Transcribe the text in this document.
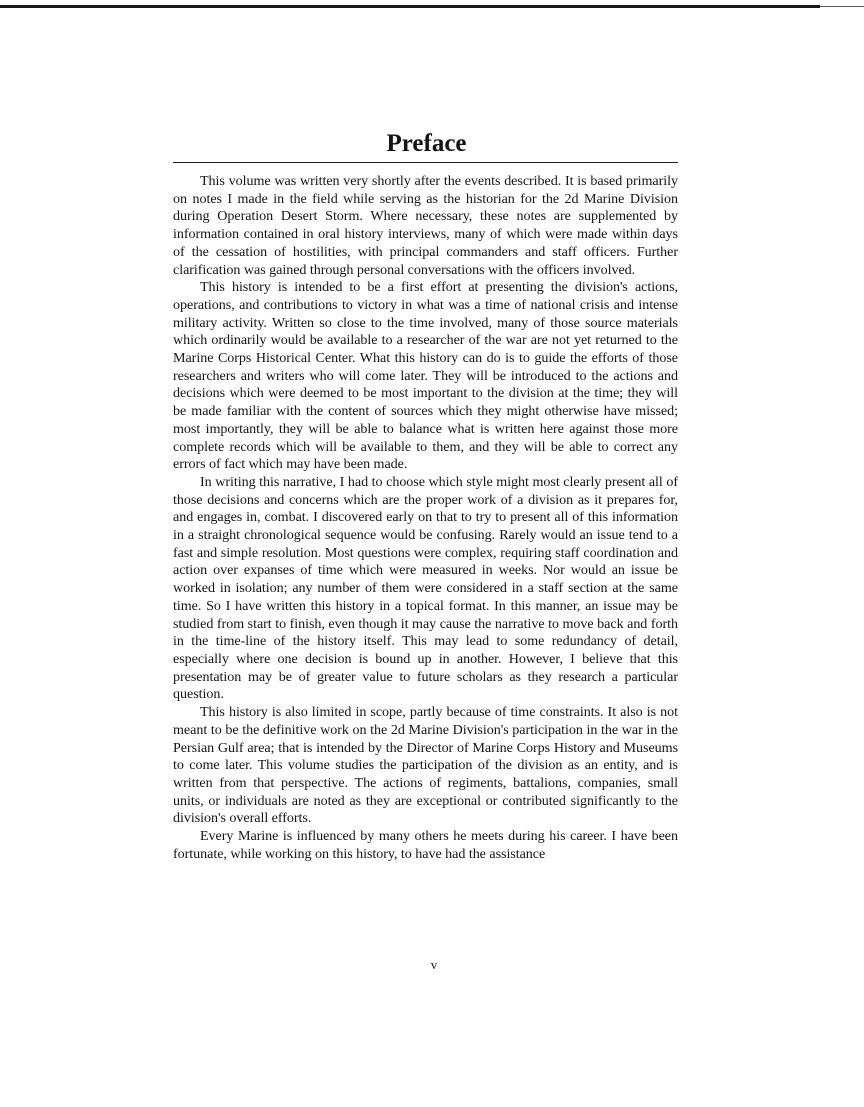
Preface

This volume was written very shortly after the events described. It is based primarily on notes I made in the field while serving as the historian for the 2d Marine Division during Operation Desert Storm. Where necessary, these notes are supplemented by information contained in oral history interviews, many of which were made within days of the cessation of hostilities, with principal commanders and staff officers. Further clarification was gained through personal conversations with the officers involved.

This history is intended to be a first effort at presenting the division's actions, operations, and contributions to victory in what was a time of national crisis and intense military activity. Written so close to the time involved, many of those source materials which ordinarily would be available to a researcher of the war are not yet returned to the Marine Corps Historical Center. What this history can do is to guide the efforts of those researchers and writers who will come later. They will be introduced to the actions and decisions which were deemed to be most important to the division at the time; they will be made familiar with the content of sources which they might otherwise have missed; most importantly, they will be able to balance what is written here against those more complete records which will be available to them, and they will be able to correct any errors of fact which may have been made.

In writing this narrative, I had to choose which style might most clearly present all of those decisions and concerns which are the proper work of a division as it prepares for, and engages in, combat. I discovered early on that to try to present all of this information in a straight chronological sequence would be confusing. Rarely would an issue tend to a fast and simple resolution. Most questions were complex, requiring staff coordination and action over expanses of time which were measured in weeks. Nor would an issue be worked in isolation; any number of them were considered in a staff section at the same time. So I have written this history in a topical format. In this manner, an issue may be studied from start to finish, even though it may cause the narrative to move back and forth in the time-line of the history itself. This may lead to some redundancy of detail, especially where one decision is bound up in another. However, I believe that this presentation may be of greater value to future scholars as they research a particular question.

This history is also limited in scope, partly because of time constraints. It also is not meant to be the definitive work on the 2d Marine Division's participation in the war in the Persian Gulf area; that is intended by the Director of Marine Corps History and Museums to come later. This volume studies the participation of the division as an entity, and is written from that perspective. The actions of regiments, battalions, companies, small units, or individuals are noted as they are exceptional or contributed significantly to the division's overall efforts.

Every Marine is influenced by many others he meets during his career. I have been fortunate, while working on this history, to have had the assistance

v
